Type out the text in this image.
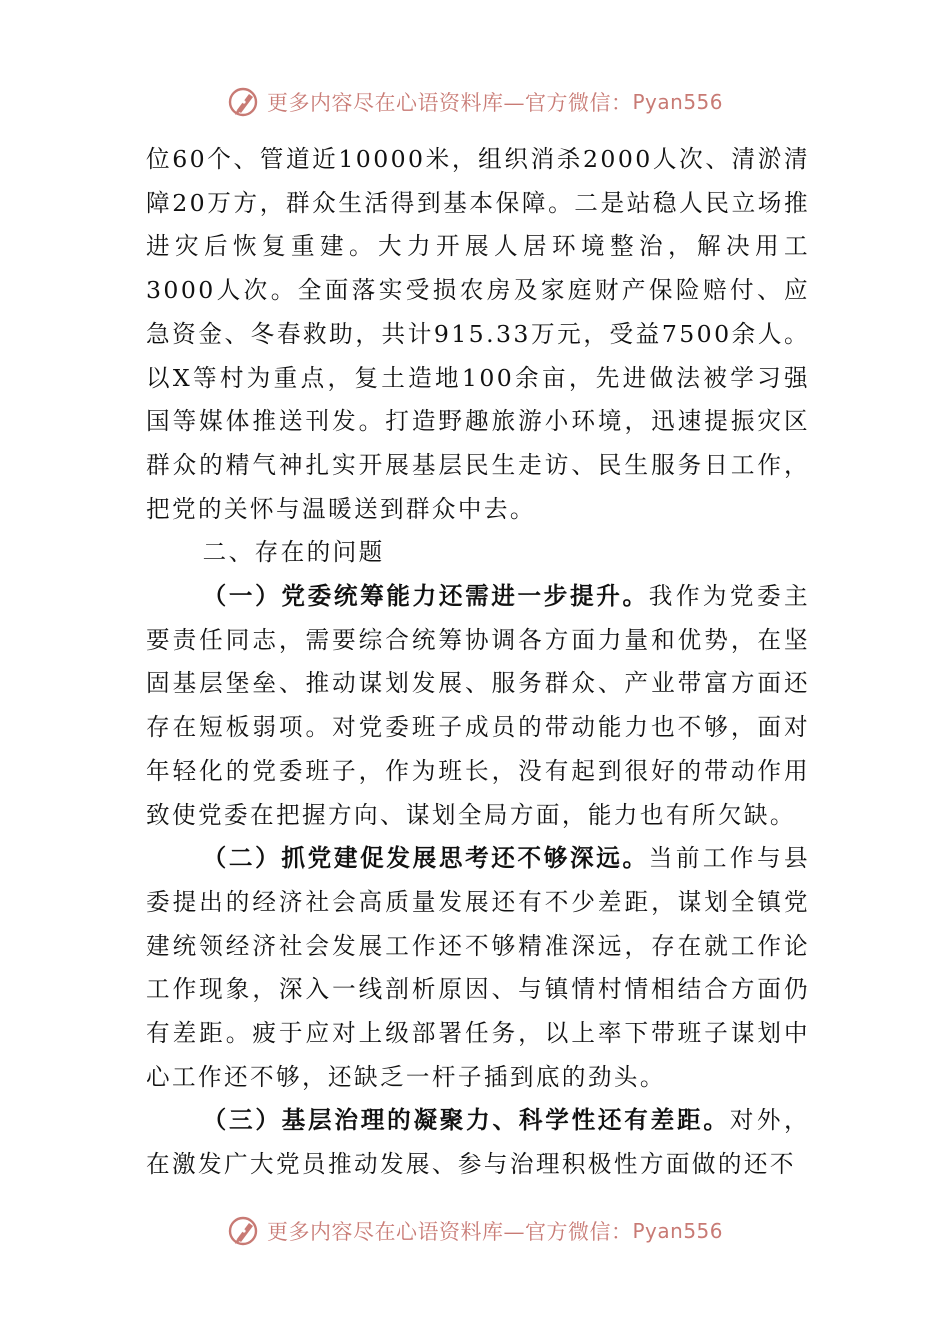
更多内容尽在心语资料库—官方微信： Pyan556

位60个、管道近10000米，组织消杀2000人次、清淤清障20万方，群众生活得到基本保障。二是站稳人民立场推进灾后恢复重建。大力开展人居环境整治，解决用工3000人次。全面落实受损农房及家庭财产保险赔付、应急资金、冬春救助，共计915.33万元，受益7500余人。以X等村为重点，复土造地100余亩，先进做法被学习强国等媒体推送刊发。打造野趣旅游小环境，迅速提振灾区群众的精气神扎实开展基层民生走访、民生服务日工作，把党的关怀与温暖送到群众中去。

二、存在的问题

（一）党委统筹能力还需进一步提升。我作为党委主要责任同志，需要综合统筹协调各方面力量和优势，在坚固基层堡垒、推动谋划发展、服务群众、产业带富方面还存在短板弱项。对党委班子成员的带动能力也不够，面对年轻化的党委班子，作为班长，没有起到很好的带动作用致使党委在把握方向、谋划全局方面，能力也有所欠缺。

（二）抓党建促发展思考还不够深远。当前工作与县委提出的经济社会高质量发展还有不少差距，谋划全镇党建统领经济社会发展工作还不够精准深远，存在就工作论工作现象，深入一线剖析原因、与镇情村情相结合方面仍有差距。疲于应对上级部署任务，以上率下带班子谋划中心工作还不够，还缺乏一杆子插到底的劲头。

（三）基层治理的凝聚力、科学性还有差距。对外，在激发广大党员推动发展、参与治理积极性方面做的还不

更多内容尽在心语资料库—官方微信： Pyan556
